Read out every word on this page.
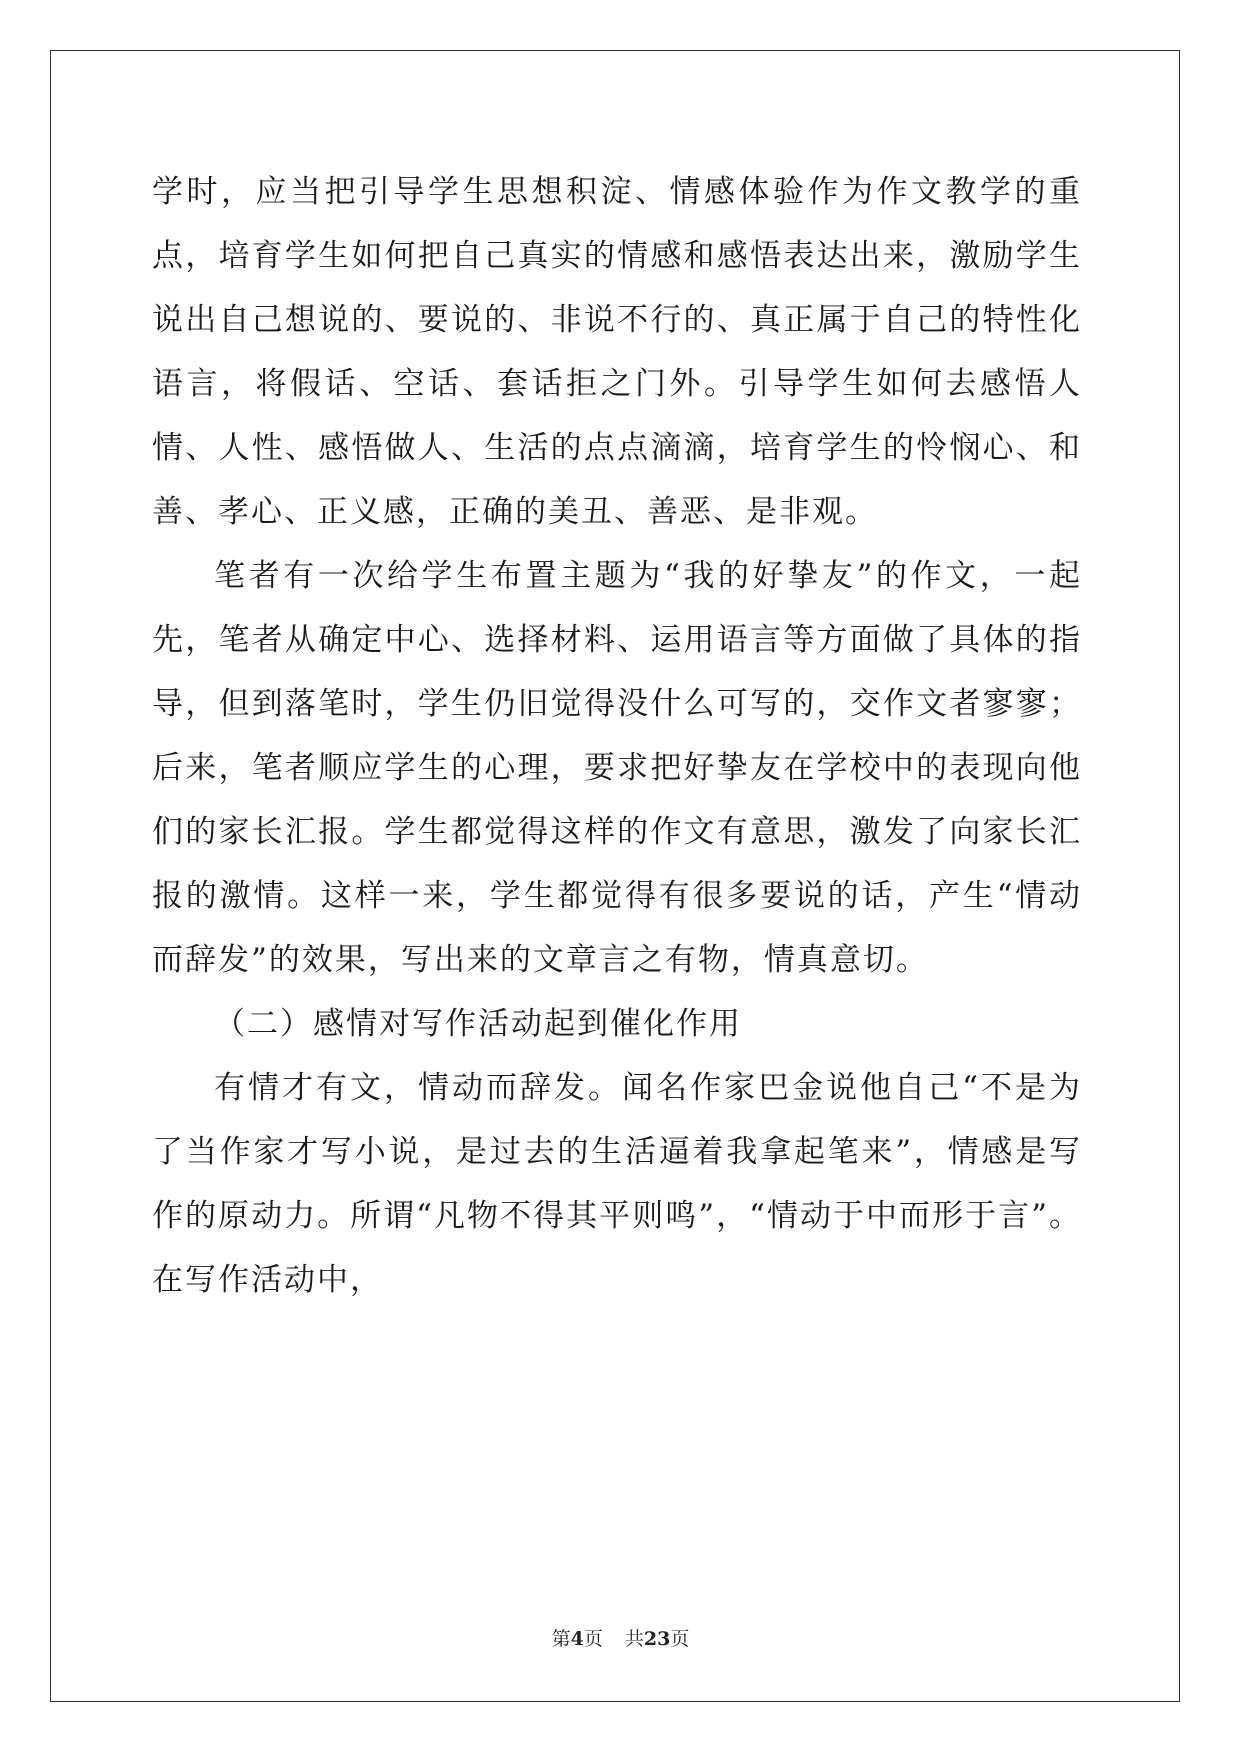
学时，应当把引导学生思想积淀、情感体验作为作文教学的重点，培育学生如何把自己真实的情感和感悟表达出来，激励学生说出自己想说的、要说的、非说不行的、真正属于自己的特性化语言，将假话、空话、套话拒之门外。引导学生如何去感悟人情、人性、感悟做人、生活的点点滴滴，培育学生的怜悯心、和善、孝心、正义感，正确的美丑、善恶、是非观。

笔者有一次给学生布置主题为“我的好挚友”的作文，一起先，笔者从确定中心、选择材料、运用语言等方面做了具体的指导，但到落笔时，学生仍旧觉得没什么可写的，交作文者寥寥；后来，笔者顺应学生的心理，要求把好挚友在学校中的表现向他们的家长汇报。学生都觉得这样的作文有意思，激发了向家长汇报的激情。这样一来，学生都觉得有很多要说的话，产生“情动而辞发”的效果，写出来的文章言之有物，情真意切。

（二）感情对写作活动起到催化作用

有情才有文，情动而辞发。闻名作家巴金说他自己“不是为了当作家才写小说，是过去的生活逼着我拿起笔来”，情感是写作的原动力。所谓“凡物不得其平则鸣”，“情动于中而形于言”。在写作活动中，

第4页 共23页
